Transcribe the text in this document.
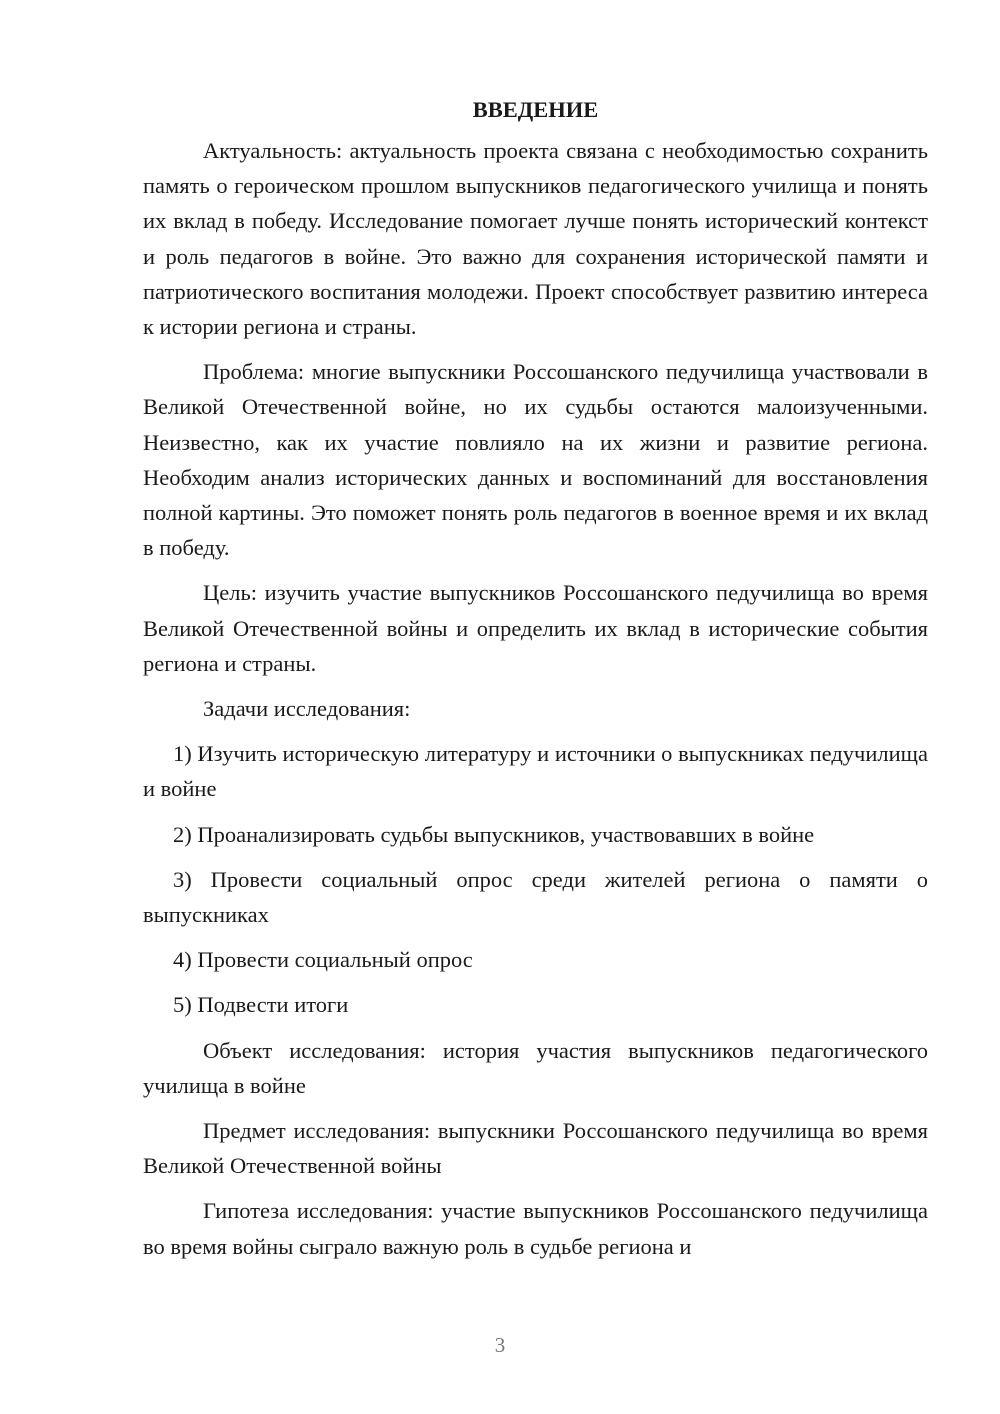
ВВЕДЕНИЕ
Актуальность: актуальность проекта связана с необходимостью сохранить память о героическом прошлом выпускников педагогического училища и понять их вклад в победу. Исследование помогает лучше понять исторический контекст и роль педагогов в войне. Это важно для сохранения исторической памяти и патриотического воспитания молодежи. Проект способствует развитию интереса к истории региона и страны.
Проблема: многие выпускники Россошанского педучилища участвовали в Великой Отечественной войне, но их судьбы остаются малоизученными. Неизвестно, как их участие повлияло на их жизни и развитие региона. Необходим анализ исторических данных и воспоминаний для восстановления полной картины. Это поможет понять роль педагогов в военное время и их вклад в победу.
Цель: изучить участие выпускников Россошанского педучилища во время Великой Отечественной войны и определить их вклад в исторические события региона и страны.
Задачи исследования:
1) Изучить историческую литературу и источники о выпускниках педучилища и войне
2) Проанализировать судьбы выпускников, участвовавших в войне
3) Провести социальный опрос среди жителей региона о памяти о выпускниках
4) Провести социальный опрос
5) Подвести итоги
Объект исследования: история участия выпускников педагогического училища в войне
Предмет исследования: выпускники Россошанского педучилища во время Великой Отечественной войны
Гипотеза исследования: участие выпускников Россошанского педучилища во время войны сыграло важную роль в судьбе региона и
3
